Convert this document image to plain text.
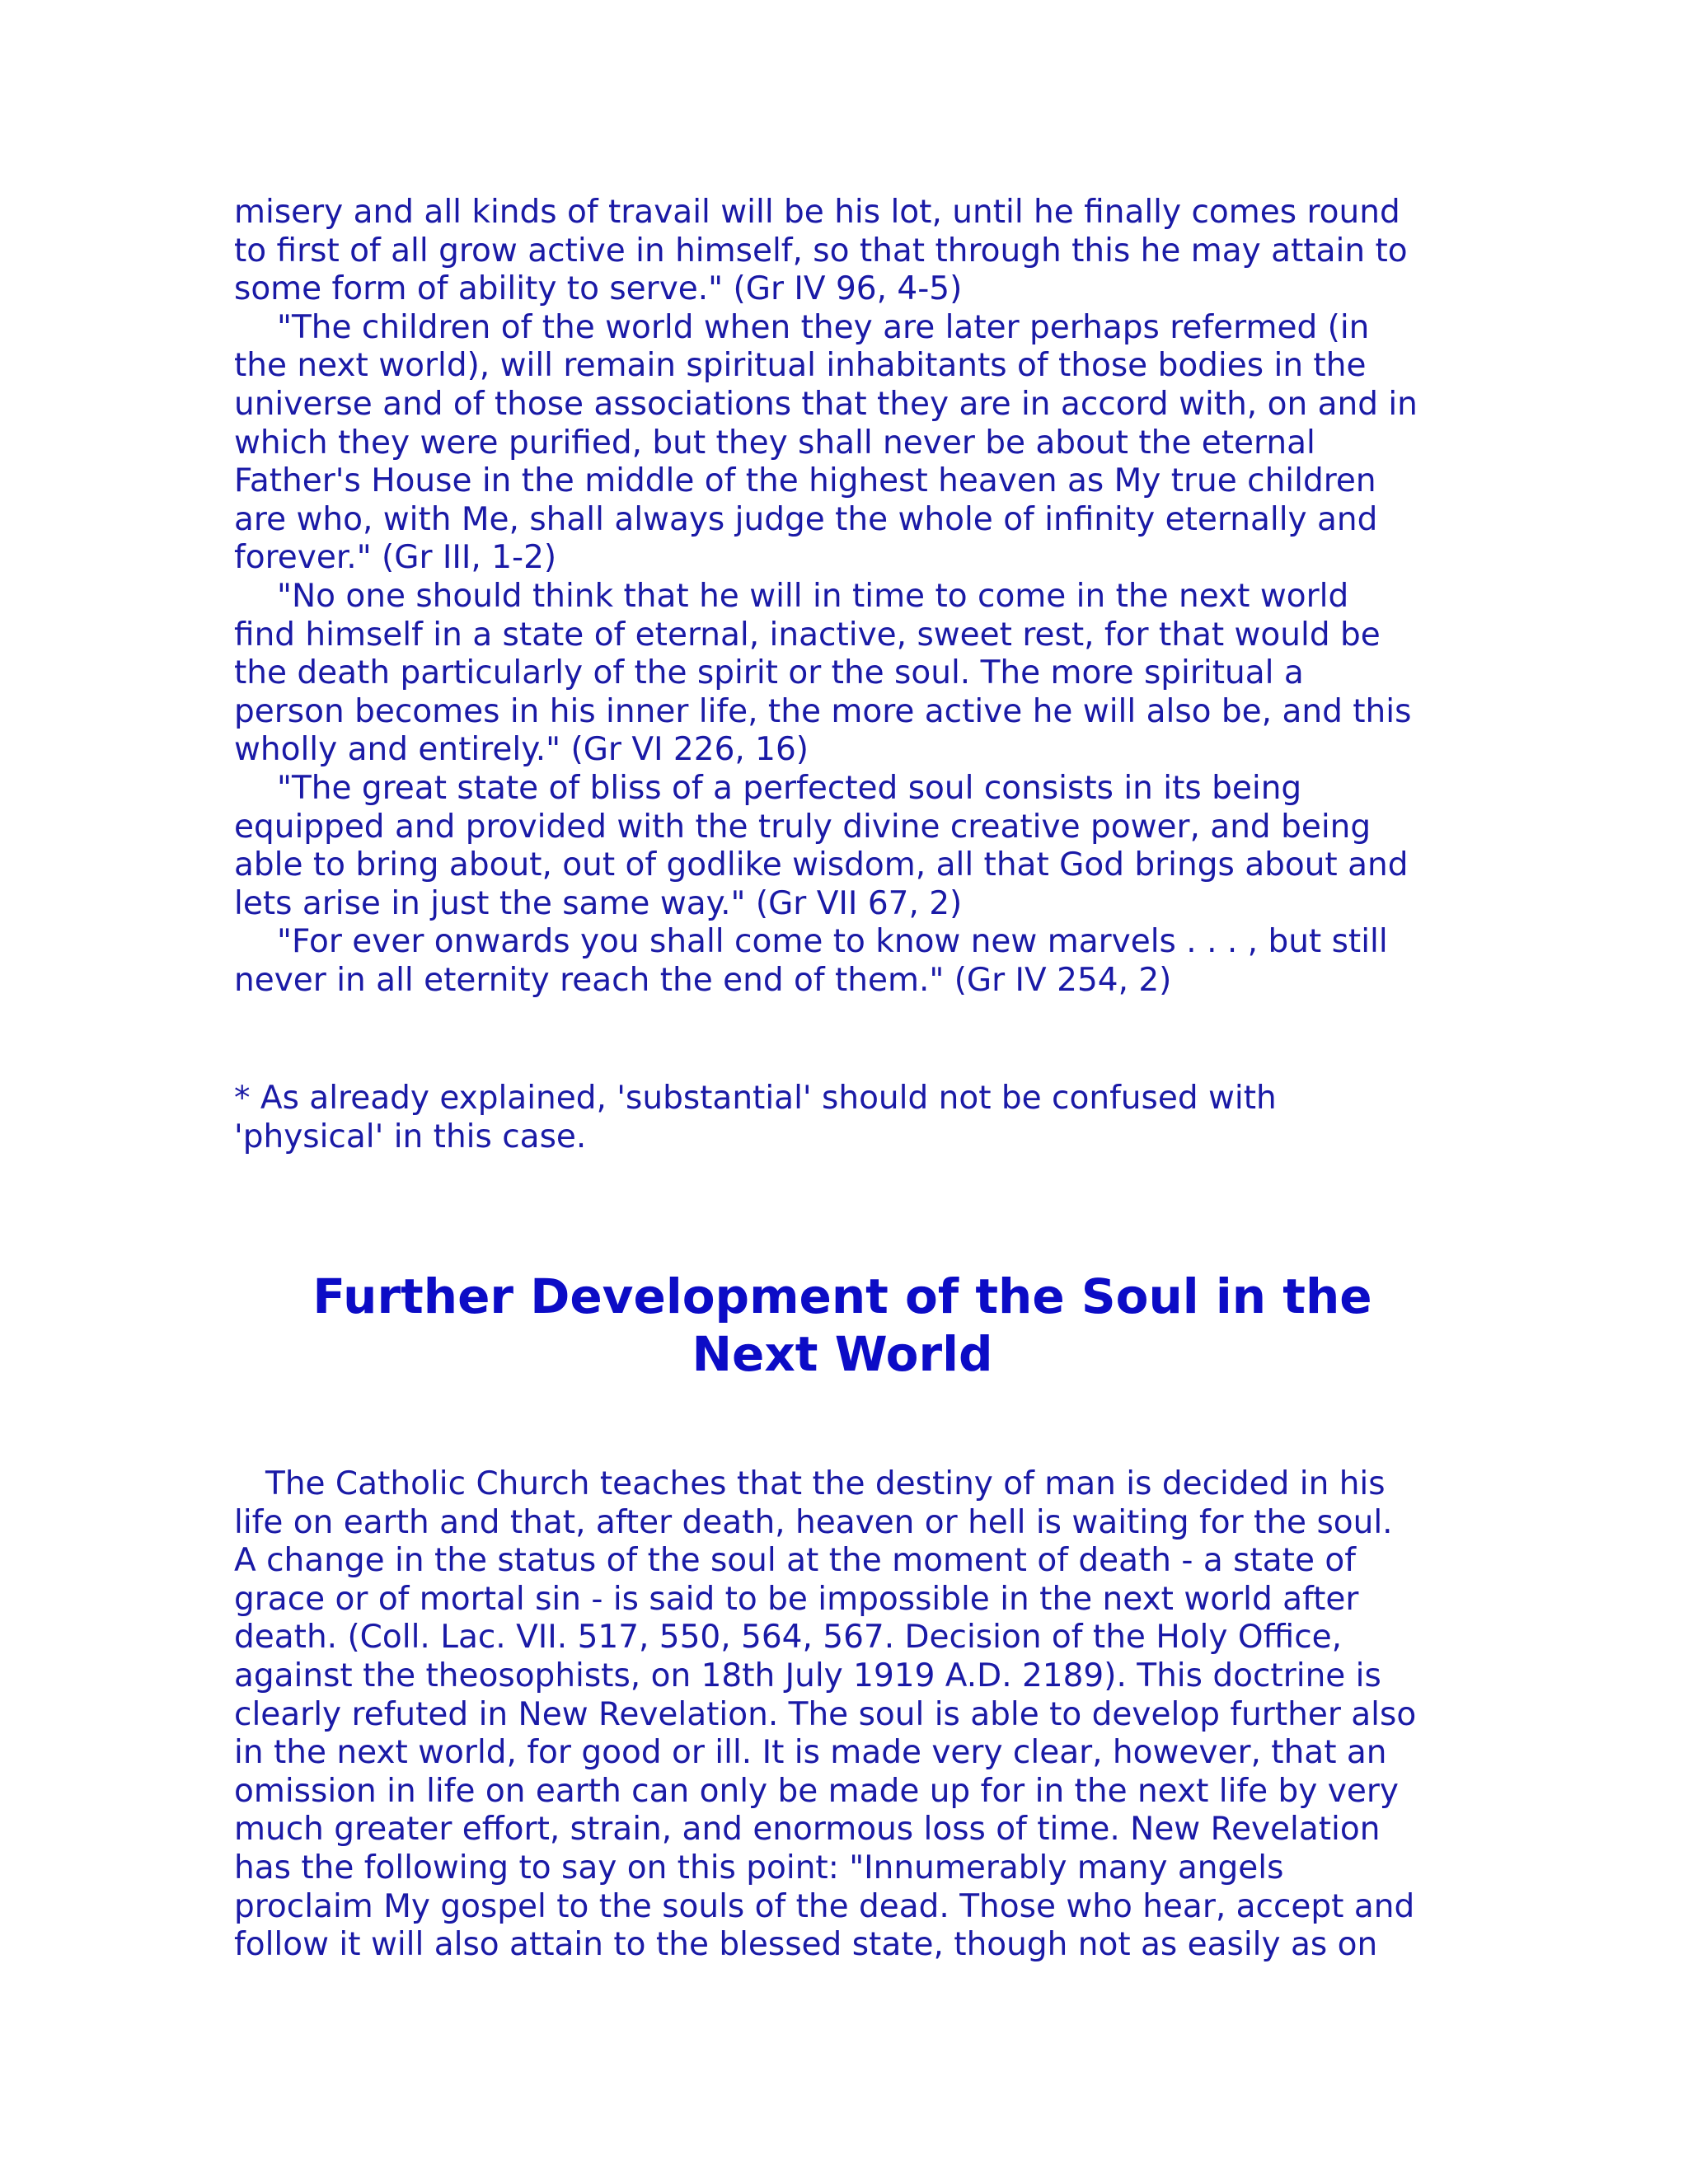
misery and all kinds of travail will be his lot, until he finally comes round
to first of all grow active in himself, so that through this he may attain to
some form of ability to serve." (Gr IV 96, 4-5)
"The children of the world when they are later perhaps refermed (in
the next world), will remain spiritual inhabitants of those bodies in the
universe and of those associations that they are in accord with, on and in
which they were purified, but they shall never be about the eternal
Father's House in the middle of the highest heaven as My true children
are who, with Me, shall always judge the whole of infinity eternally and
forever." (Gr III, 1-2)
"No one should think that he will in time to come in the next world
find himself in a state of eternal, inactive, sweet rest, for that would be
the death particularly of the spirit or the soul. The more spiritual a
person becomes in his inner life, the more active he will also be, and this
wholly and entirely." (Gr VI 226, 16)
"The great state of bliss of a perfected soul consists in its being
equipped and provided with the truly divine creative power, and being
able to bring about, out of godlike wisdom, all that God brings about and
lets arise in just the same way." (Gr VII 67, 2)
"For ever onwards you shall come to know new marvels . . . , but still
never in all eternity reach the end of them." (Gr IV 254, 2)
* As already explained, 'substantial' should not be confused with
'physical' in this case.
Further Development of the Soul in the
Next World
The Catholic Church teaches that the destiny of man is decided in his
life on earth and that, after death, heaven or hell is waiting for the soul.
A change in the status of the soul at the moment of death - a state of
grace or of mortal sin - is said to be impossible in the next world after
death. (Coll. Lac. VII. 517, 550, 564, 567. Decision of the Holy Office,
against the theosophists, on 18th July 1919 A.D. 2189). This doctrine is
clearly refuted in New Revelation. The soul is able to develop further also
in the next world, for good or ill. It is made very clear, however, that an
omission in life on earth can only be made up for in the next life by very
much greater effort, strain, and enormous loss of time. New Revelation
has the following to say on this point: "Innumerably many angels
proclaim My gospel to the souls of the dead. Those who hear, accept and
follow it will also attain to the blessed state, though not as easily as on
